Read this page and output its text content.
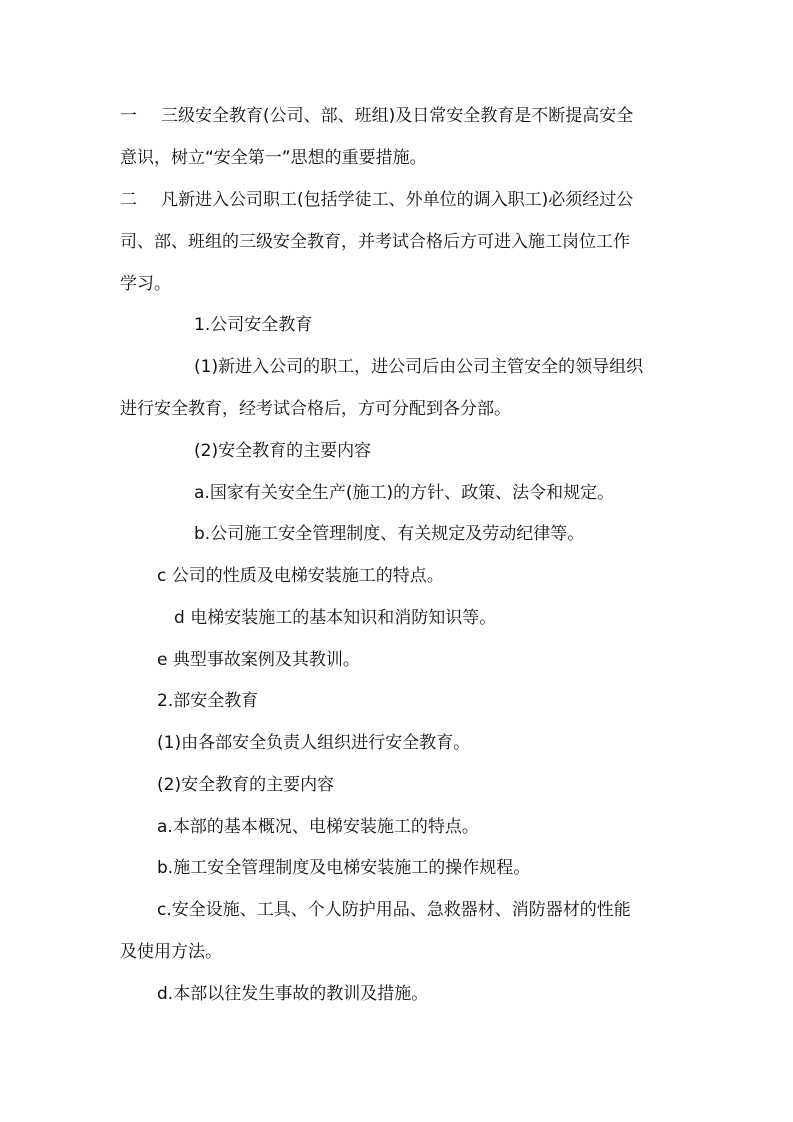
一 三级安全教育(公司、部、班组)及日常安全教育是不断提高安全
意识，树立“安全第一”思想的重要措施。
二 凡新进入公司职工(包括学徒工、外单位的调入职工)必须经过公
司、部、班组的三级安全教育，并考试合格后方可进入施工岗位工作
学习。
1.公司安全教育
(1)新进入公司的职工，进公司后由公司主管安全的领导组织
进行安全教育，经考试合格后，方可分配到各分部。
(2)安全教育的主要内容
a.国家有关安全生产(施工)的方针、政策、法令和规定。
b.公司施工安全管理制度、有关规定及劳动纪律等。
c 公司的性质及电梯安装施工的特点。
d 电梯安装施工的基本知识和消防知识等。
e 典型事故案例及其教训。
2.部安全教育
(1)由各部安全负责人组织进行安全教育。
(2)安全教育的主要内容
a.本部的基本概况、电梯安装施工的特点。
b.施工安全管理制度及电梯安装施工的操作规程。
c.安全设施、工具、个人防护用品、急救器材、消防器材的性能
及使用方法。
d.本部以往发生事故的教训及措施。
